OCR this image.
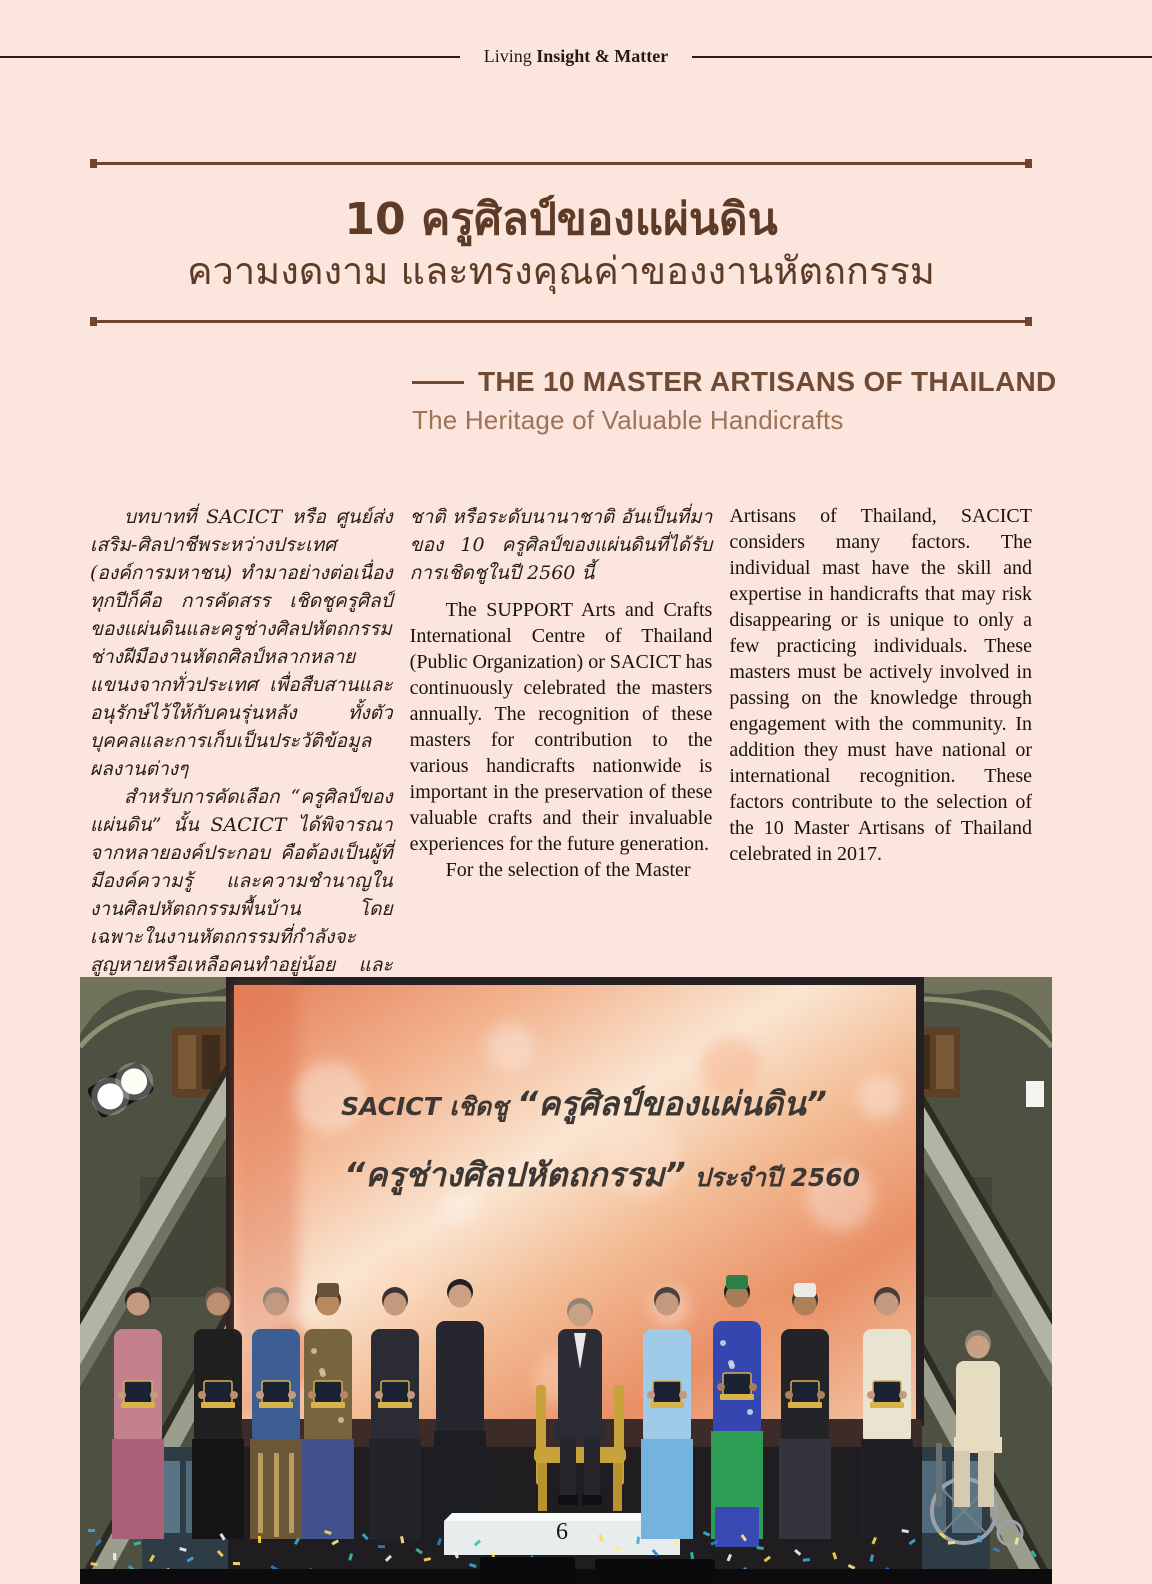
Living Insight & Matter
10 ครูศิลป์ของแผ่นดิน
ความงดงาม และทรงคุณค่าของงานหัตถกรรม
THE 10 MASTER ARTISANS OF THAILAND
The Heritage of Valuable Handicrafts

บทบาทที่ SACICT หรือ ศูนย์ส่งเสริม-ศิลปาชีพระหว่างประเทศ (องค์การมหาชน) ทำมาอย่างต่อเนื่องทุกปีก็คือ การคัดสรร เชิดชูครูศิลป์ของแผ่นดินและครูช่างศิลปหัตถกรรม ช่างฝีมืองานหัตถศิลป์หลากหลายแขนงจากทั่วประเทศ เพื่อสืบสานและอนุรักษ์ไว้ให้กับคนรุ่นหลัง ทั้งตัวบุคคลและการเก็บเป็นประวัติข้อมูลผลงานต่างๆ

สำหรับการคัดเลือก “ครูศิลป์ของแผ่นดิน” นั้น SACICT ได้พิจารณา จากหลายองค์ประกอบ คือต้องเป็นผู้ที่มีองค์ความรู้ และความชำนาญในงานศิลปหัตถกรรมพื้นบ้าน โดยเฉพาะในงานหัตถกรรมที่กำลังจะสูญหายหรือเหลือคนทำอยู่น้อย และ

ชาติ หรือระดับนานาชาติ อันเป็นที่มาของ 10 ครูศิลป์ของแผ่นดินที่ได้รับการเชิดชูในปี 2560 นี้

The SUPPORT Arts and Crafts International Centre of Thailand (Public Organization) or SACICT has continuously celebrated the masters annually. The recognition of these masters for contribution to the various handicrafts nationwide is important in the preservation of these valuable crafts and their invaluable experiences for the future generation.

For the selection of the Master

Artisans of Thailand, SACICT considers many factors. The individual mast have the skill and expertise in handicrafts that may risk disappearing or is unique to only a few practicing individuals. These masters must be actively involved in passing on the knowledge through engagement with the community. In addition they must have national or international recognition. These factors contribute to the selection of the 10 Master Artisans of Thailand celebrated in 2017.

SACICT เชิดชู “ครูศิลป์ของแผ่นดิน”
“ครูช่างศิลปหัตถกรรม” ประจำปี 2560
6
